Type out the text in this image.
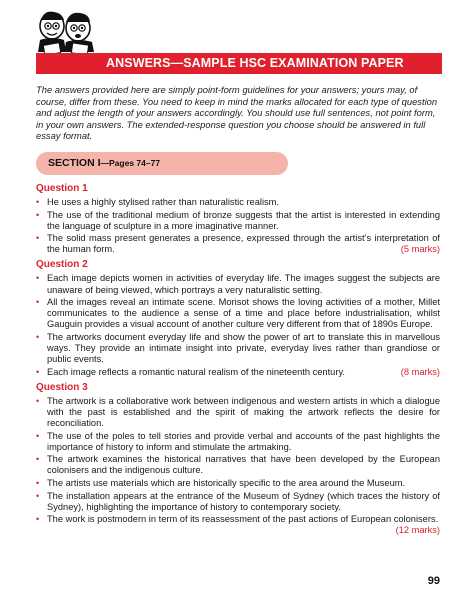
ANSWERS—SAMPLE HSC EXAMINATION PAPER
The answers provided here are simply point-form guidelines for your answers; yours may, of course, differ from these. You need to keep in mind the marks allocated for each type of question and adjust the length of your answers accordingly. You should use full sentences, not point form, in your own answers. The extended-response question you choose should be answered in full essay format.
SECTION I—Pages 74–77
Question 1
• He uses a highly stylised rather than naturalistic realism.
• The use of the traditional medium of bronze suggests that the artist is interested in extending the language of sculpture in a more imaginative manner.
• The solid mass present generates a presence, expressed through the artist’s interpretation of the human form.	(5 marks)
Question 2
• Each image depicts women in activities of everyday life. The images suggest the subjects are unaware of being viewed, which portrays a very naturalistic setting.
• All the images reveal an intimate scene. Morisot shows the loving activities of a mother, Millet communicates to the audience a sense of a time and place before industrialisation, whilst Gauguin provides a visual account of another culture very different from that of 1890s Europe.
• The artworks document everyday life and show the power of art to translate this in marvellous ways. They provide an intimate insight into private, everyday lives rather than grandiose or public events.
• Each image reflects a romantic natural realism of the nineteenth century.	(8 marks)
Question 3
• The artwork is a collaborative work between indigenous and western artists in which a dialogue with the past is established and the spirit of making the artwork reflects the desire for reconciliation.
• The use of the poles to tell stories and provide verbal and accounts of the past highlights the importance of history to inform and stimulate the artmaking.
• The artwork examines the historical narratives that have been developed by the European colonisers and the indigenous culture.
• The artists use materials which are historically specific to the area around the Museum.
• The installation appears at the entrance of the Museum of Sydney (which traces the history of Sydney), highlighting the importance of history to contemporary society.
• The work is postmodern in term of its reassessment of the past actions of European colonisers.
(12 marks)
99
